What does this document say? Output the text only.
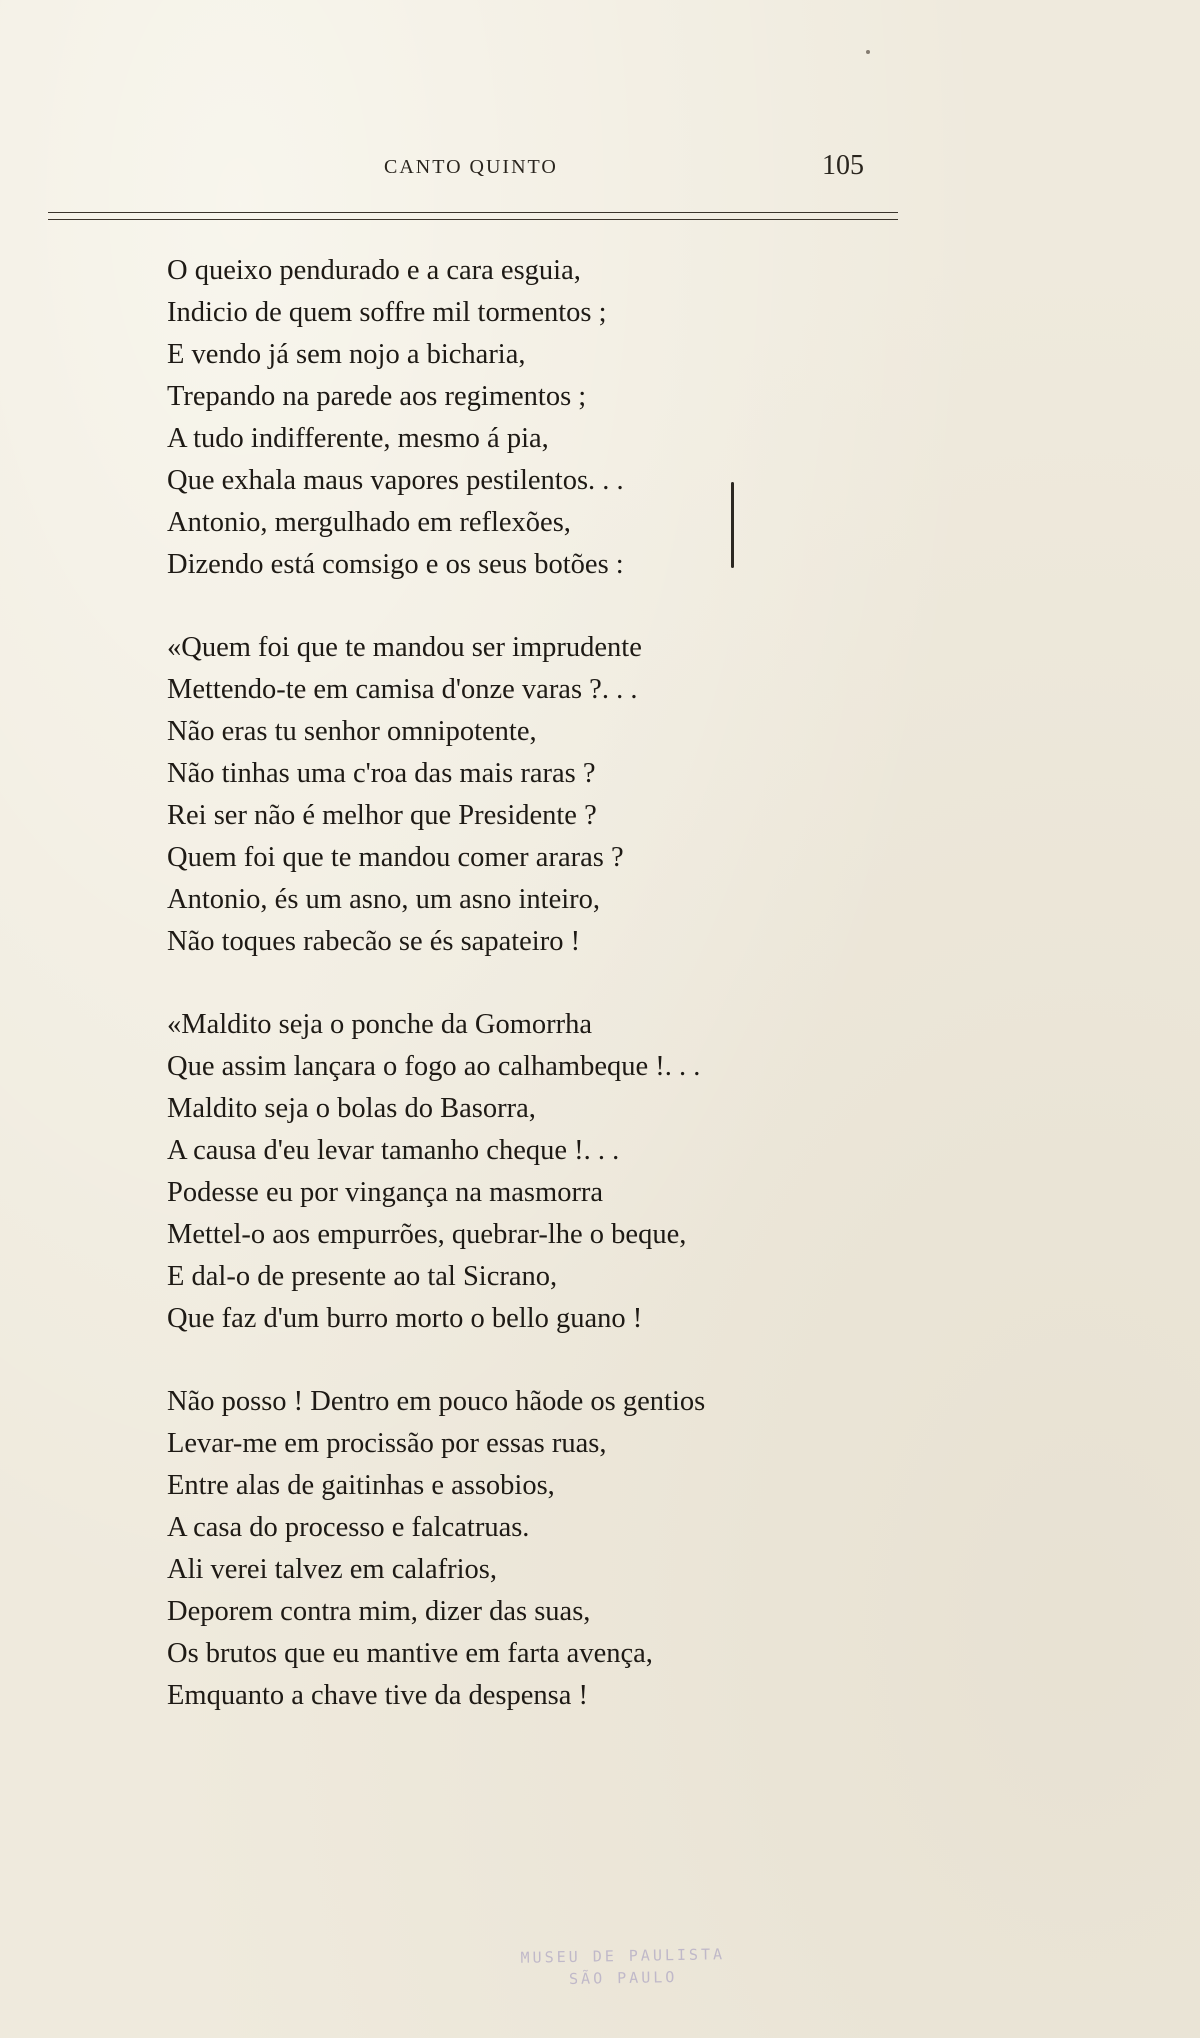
CANTO QUINTO	105
O queixo pendurado e a cara esguia,
Indicio de quem soffre mil tormentos ;
E vendo já sem nojo a bicharia,
Trepando na parede aos regimentos ;
A tudo indifferente, mesmo á pia,
Que exhala maus vapores pestilentos. . .
Antonio, mergulhado em reflexões,
Dizendo está comsigo e os seus botões :
«Quem foi que te mandou ser imprudente
Mettendo-te em camisa d'onze varas ?. . .
Não eras tu senhor omnipotente,
Não tinhas uma c'roa das mais raras ?
Rei ser não é melhor que Presidente ?
Quem foi que te mandou comer araras ?
Antonio, és um asno, um asno inteiro,
Não toques rabecão se és sapateiro !
«Maldito seja o ponche da Gomorrha
Que assim lançara o fogo ao calhambeque !. . .
Maldito seja o bolas do Basorra,
A causa d'eu levar tamanho cheque !. . .
Podesse eu por vingança na masmorra
Mettel-o aos empurrões, quebrar-lhe o beque,
E dal-o de presente ao tal Sicrano,
Que faz d'um burro morto o bello guano !
Não posso ! Dentro em pouco hãode os gentios
Levar-me em procissão por essas ruas,
Entre alas de gaitinhas e assobios,
A casa do processo e falcatruas.
Ali verei talvez em calafrios,
Deporem contra mim, dizer das suas,
Os brutos que eu mantive em farta avença,
Emquanto a chave tive da despensa !
MUSEU DE PAULISTA
SÃO PAULO
